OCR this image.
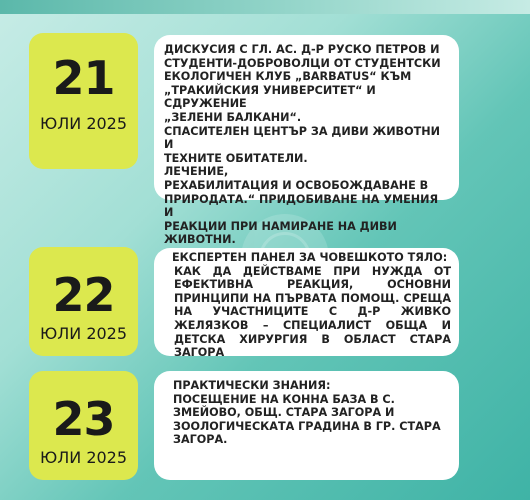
21
ЮЛИ 2025

ДИСКУСИЯ С ГЛ. АС. Д-Р РУСКО ПЕТРОВ И

СТУДЕНТИ-ДОБРОВОЛЦИ ОТ СТУДЕНТСКИ

ЕКОЛОГИЧЕН КЛУБ „BARBATUS“ КЪМ

„ТРАКИЙСКИЯ УНИВЕРСИТЕТ“ И СДРУЖЕНИЕ

„ЗЕЛЕНИ БАЛКАНИ“.

СПАСИТЕЛЕН ЦЕНТЪР ЗА ДИВИ ЖИВОТНИ И

ТЕХНИТЕ ОБИТАТЕЛИ.

ЛЕЧЕНИЕ,

РЕХАБИЛИТАЦИЯ И ОСВОБОЖДАВАНЕ В

ПРИРОДАТА.“ ПРИДОБИВАНЕ НА УМЕНИЯ И

РЕАКЦИИ ПРИ НАМИРАНЕ НА ДИВИ

ЖИВОТНИ.

22
ЮЛИ 2025

ЕКСПЕРТЕН ПАНЕЛ ЗА ЧОВЕШКОТО ТЯЛО:

КАК ДА ДЕЙСТВАМЕ ПРИ НУЖДА ОТ ЕФЕКТИВНА РЕАКЦИЯ, ОСНОВНИ ПРИНЦИПИ НА ПЪРВАТА ПОМОЩ. СРЕЩА НА УЧАСТНИЦИТЕ С Д-Р ЖИВКО ЖЕЛЯЗКОВ – СПЕЦИАЛИСТ ОБЩА И ДЕТСКА ХИРУРГИЯ В ОБЛАСТ СТАРА ЗАГОРА

23
ЮЛИ 2025

ПРАКТИЧЕСКИ ЗНАНИЯ:

ПОСЕЩЕНИЕ НА КОННА БАЗА В С.

ЗМЕЙОВО, ОБЩ. СТАРА ЗАГОРА И

ЗООЛОГИЧЕСКАТА ГРАДИНА В ГР. СТАРА

ЗАГОРА.
